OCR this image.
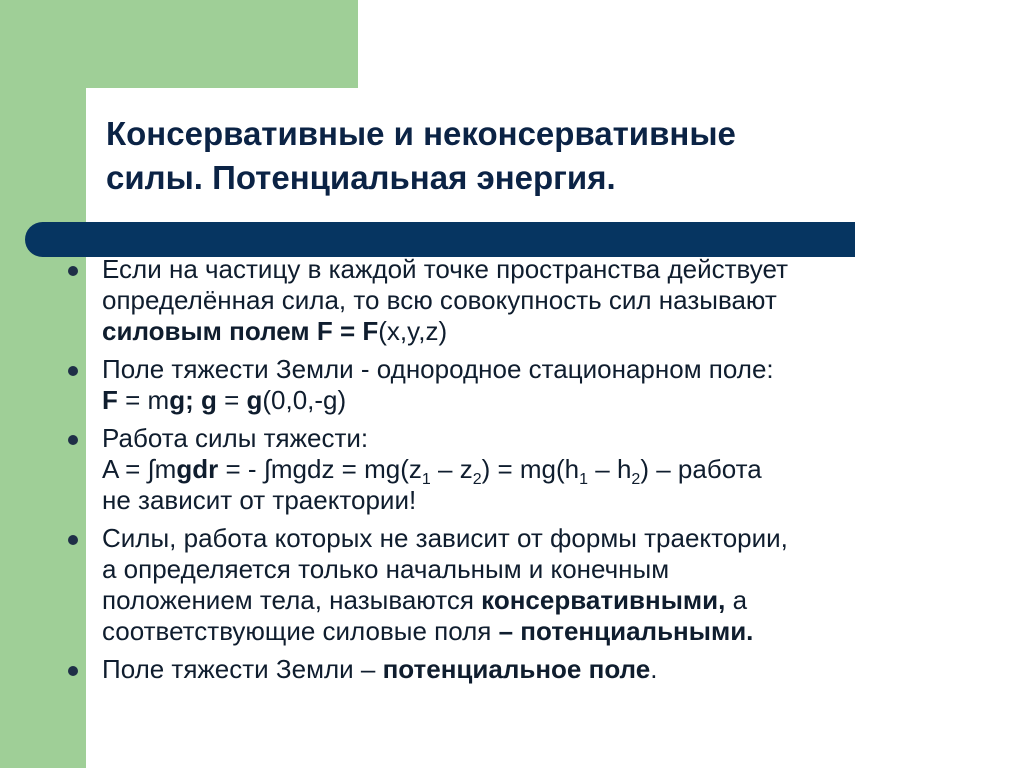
Консервативные и неконсервативные
силы. Потенциальная энергия.
Если на частицу в каждой точке пространства действует
определённая сила, то всю совокупность сил называют
силовым полем F = F(x,y,z)
Поле тяжести Земли - однородное стационарном поле:
F = mg; g = g(0,0,-g)
Работа силы тяжести:
A = ∫mgdr = - ∫mgdz = $mg(z_1 - z_2) = mg(h_1 - h_2)$ – работа
не зависит от траектории!
Силы, работа которых не зависит от формы траектории,
а определяется только начальным и конечным
положением тела, называются консервативными, а
соответствующие силовые поля – потенциальными.
Поле тяжести Земли – потенциальное поле.
